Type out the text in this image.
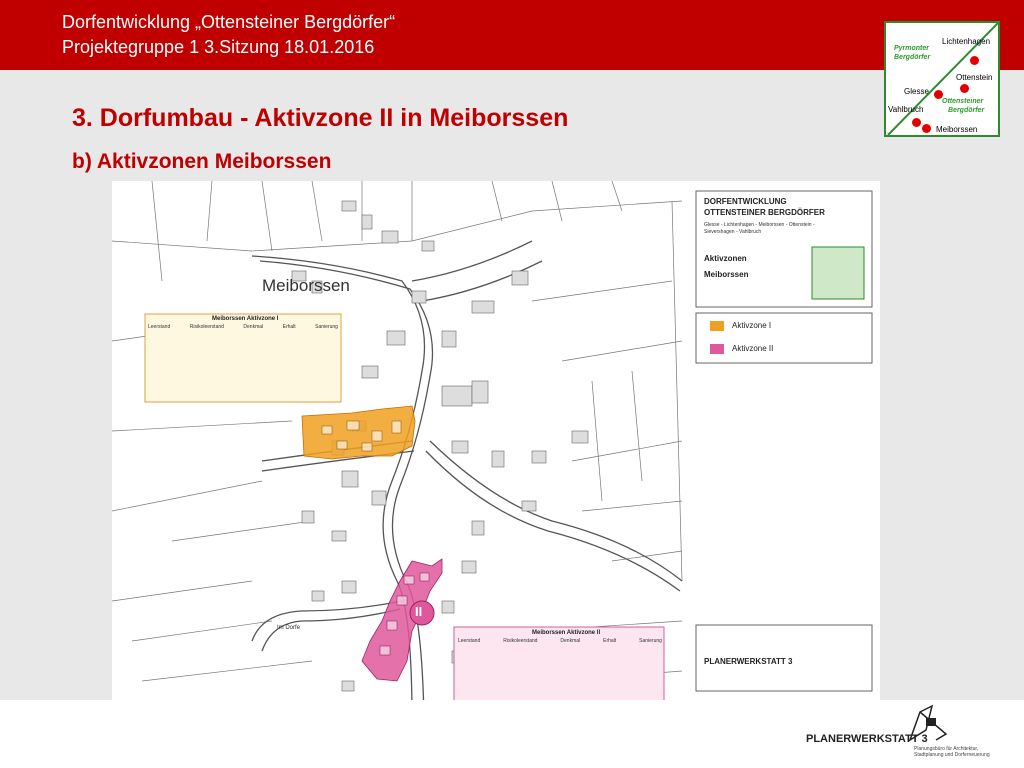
Dorfentwicklung „Ottensteiner Bergdörfer“
Projektegruppe 1 3.Sitzung 18.01.2016	Lichtenhagen
Pyrmonter
Bergdörfer
Ottenstein
Glesse
Ottensteiner
Bergdörfer
Vahlbruch
Meiborssen
3. Dorfumbau - Aktivzone II in Meiborssen
b) Aktivzonen Meiborssen
Meiborssen
II
Im Dorfe
Meiborssen Aktivzone I
Leerstand	Risikoleerstand	Denkmal	Erhalt	Sanierung
Meiborssen Aktivzone II
Leerstand	Risikoleerstand	Denkmal	Erhalt	Sanierung
DORFENTWICKLUNG
OTTENSTEINER BERGDÖRFER
Glesse - Lichtenhagen - Meiborssen - Ottenstein -
Sievershagen - Vahlbruch
Aktivzonen
Meiborssen
Aktivzone I
Aktivzone II
PLANERWERKSTATT 3
PLANERWERKSTATT 3
Planungsbüro für Architektur,
Stadtplanung und Dorferneuerung
